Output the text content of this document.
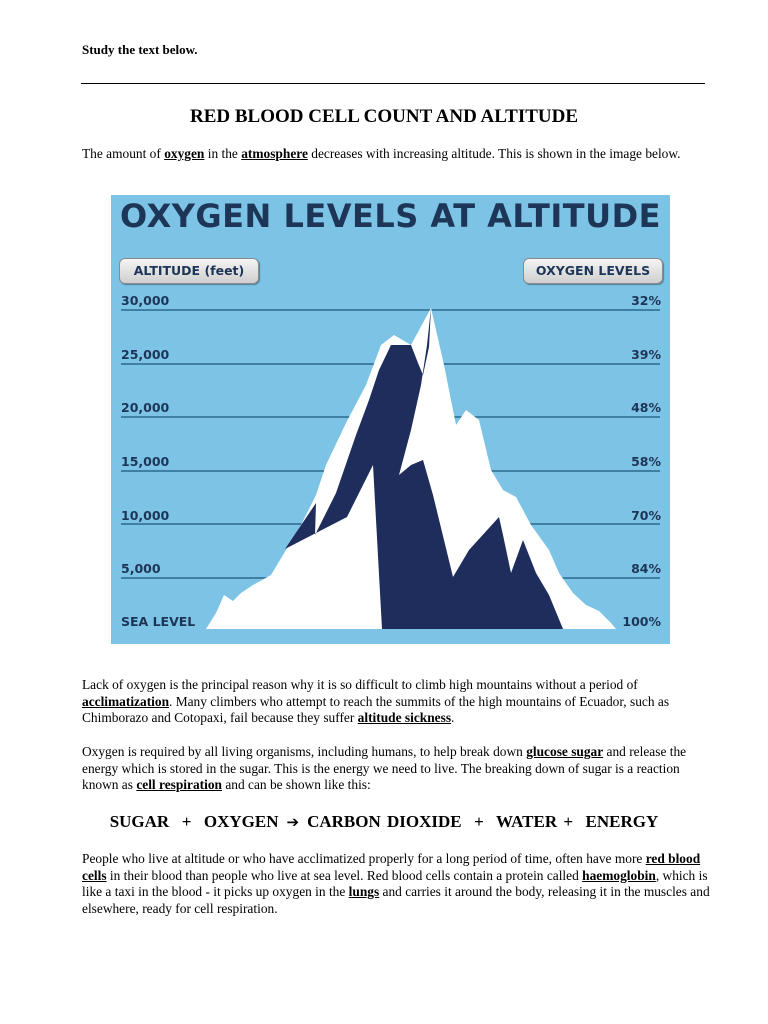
Study the text below.

RED BLOOD CELL COUNT AND ALTITUDE

The amount of oxygen in the atmosphere decreases with increasing altitude. This is shown in the image below.

OXYGEN LEVELS AT ALTITUDE
ALTITUDE (feet)	OXYGEN LEVELS
30,000
25,000
20,000
15,000
10,000
5,000
SEA LEVEL
32%
39%
48%
58%
70%
84%
100%

Lack of oxygen is the principal reason why it is so difficult to climb high mountains without a period of acclimatization. Many climbers who attempt to reach the summits of the high mountains of Ecuador, such as Chimborazo and Cotopaxi, fail because they suffer altitude sickness.

Oxygen is required by all living organisms, including humans, to help break down glucose sugar and release the energy which is stored in the sugar. This is the energy we need to live. The breaking down of sugar is a reaction known as cell respiration and can be shown like this:

SUGAR  +  OXYGEN ➔ CARBON DIOXIDE  +  WATER +  ENERGY

People who live at altitude or who have acclimatized properly for a long period of time, often have more red blood cells in their blood than people who live at sea level. Red blood cells contain a protein called haemoglobin, which is like a taxi in the blood - it picks up oxygen in the lungs and carries it around the body, releasing it in the muscles and elsewhere, ready for cell respiration.
